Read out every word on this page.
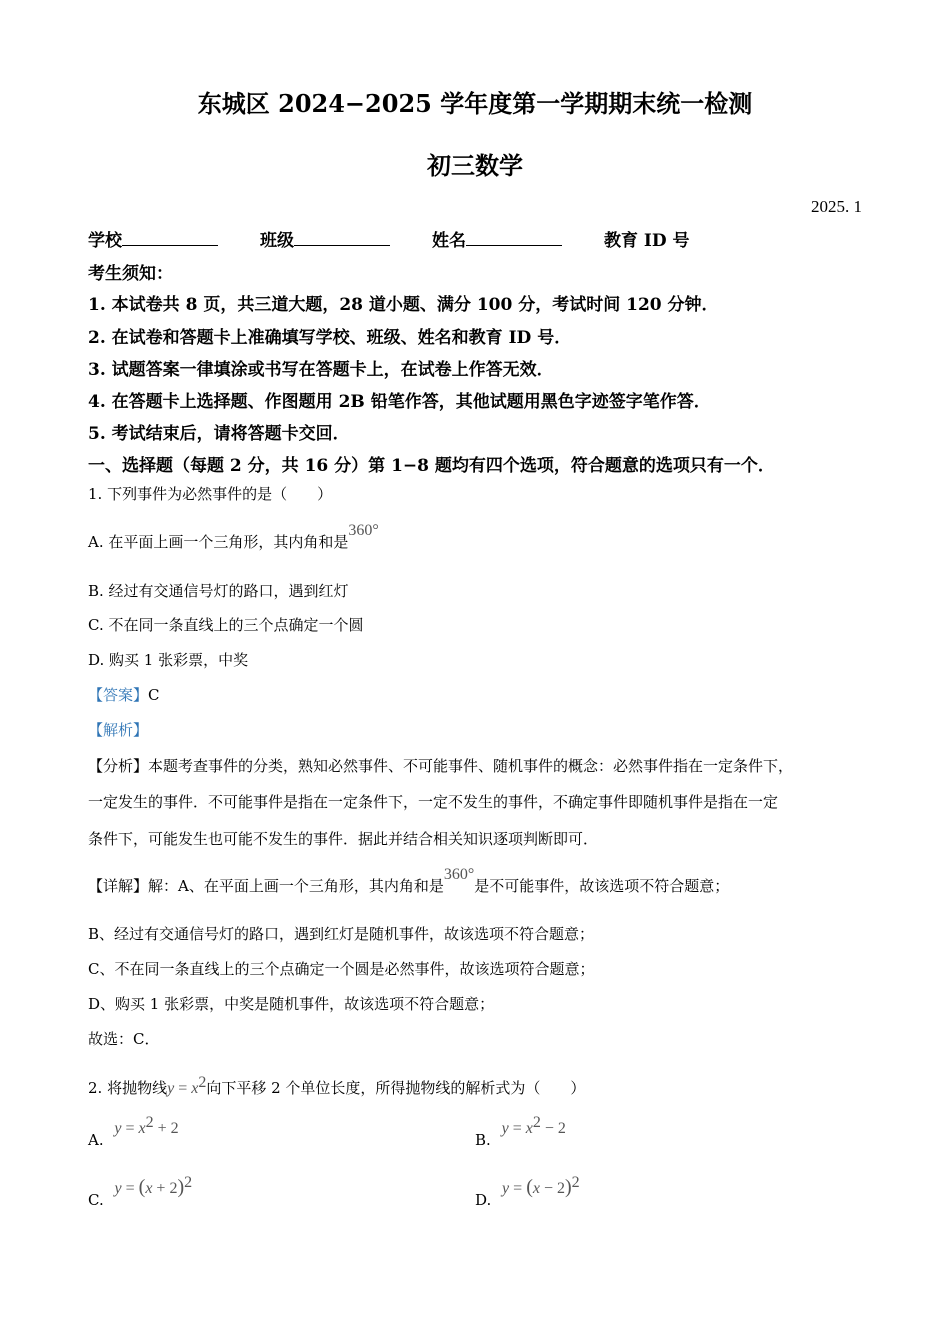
东城区 2024−2025 学年度第一学期期末统一检测
初三数学
2025. 1
学校	班级	姓名	教育 ID 号
考生须知：
1. 本试卷共 8 页，共三道大题，28 道小题、满分 100 分，考试时间 120 分钟．
2. 在试卷和答题卡上准确填写学校、班级、姓名和教育 ID 号．
3. 试题答案一律填涂或书写在答题卡上，在试卷上作答无效．
4. 在答题卡上选择题、作图题用 2B 铅笔作答，其他试题用黑色字迹签字笔作答．
5. 考试结束后，请将答题卡交回．
一、选择题（每题 2 分，共 16 分）第 1−8 题均有四个选项，符合题意的选项只有一个．
1. 下列事件为必然事件的是（　　）
A. 在平面上画一个三角形，其内角和是360°
B. 经过有交通信号灯的路口，遇到红灯
C. 不在同一条直线上的三个点确定一个圆
D. 购买 1 张彩票，中奖
【答案】C
【解析】
【分析】本题考查事件的分类，熟知必然事件、不可能事件、随机事件的概念：必然事件指在一定条件下，
一定发生的事件．不可能事件是指在一定条件下，一定不发生的事件，不确定事件即随机事件是指在一定
条件下，可能发生也可能不发生的事件．据此并结合相关知识逐项判断即可．
【详解】解：A、在平面上画一个三角形，其内角和是360°是不可能事件，故该选项不符合题意；
B、经过有交通信号灯的路口，遇到红灯是随机事件，故该选项不符合题意；
C、不在同一条直线上的三个点确定一个圆是必然事件，故该选项符合题意；
D、购买 1 张彩票，中奖是随机事件，故该选项不符合题意；
故选：C．
2. 将抛物线$y = x^2$向下平移 2 个单位长度，所得抛物线的解析式为（　　）
A. $y = x^2 + 2$
B. $y = x^2 - 2$
C. $y = (x + 2)^2$
D. $y = (x - 2)^2$
